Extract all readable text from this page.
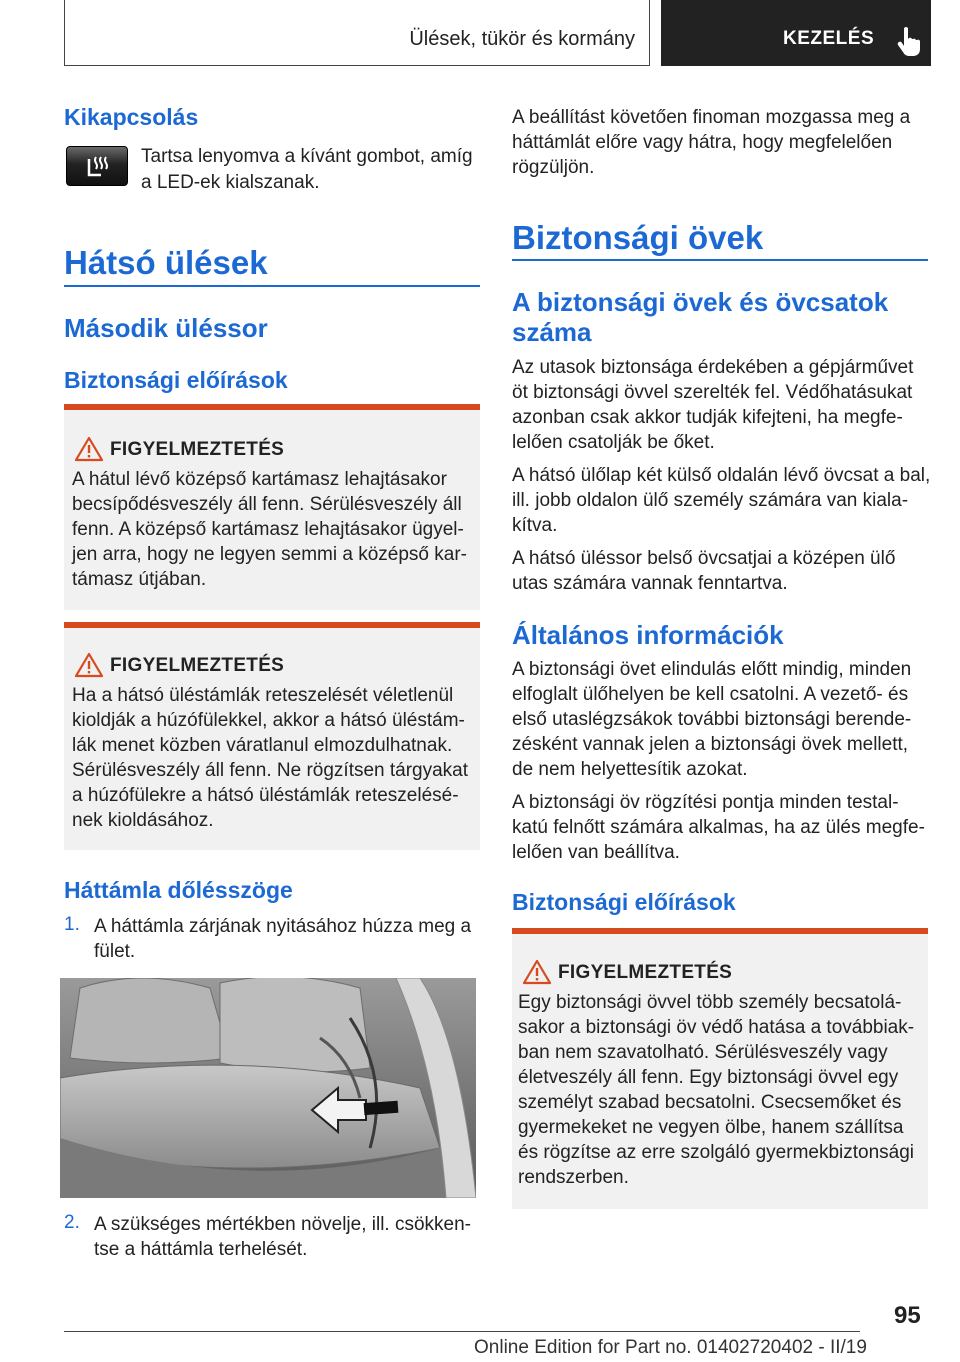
Ülések, tükör és kormány	KEZELÉS
Kikapcsolás
Tartsa lenyomva a kívánt gombot, amíg
a LED-ek kialszanak.
Hátsó ülések
Második üléssor
Biztonsági előírások
FIGYELMEZTETÉS
A hátul lévő középső kartámasz lehajtásakor
becsípődésveszély áll fenn. Sérülésveszély áll
fenn. A középső kartámasz lehajtásakor ügyel‐
jen arra, hogy ne legyen semmi a középső kar‐
támasz útjában.
FIGYELMEZTETÉS
Ha a hátsó üléstámlák reteszelését véletlenül
kioldják a húzófülekkel, akkor a hátsó üléstám‐
lák menet közben váratlanul elmozdulhatnak.
Sérülésveszély áll fenn. Ne rögzítsen tárgyakat
a húzófülekre a hátsó üléstámlák reteszelésé‐
nek kioldásához.
Háttámla dőlésszöge
1. A háttámla zárjának nyitásához húzza meg a
fület.
2. A szükséges mértékben növelje, ill. csökken‐
tse a háttámla terhelését.
A beállítást követően finoman mozgassa meg a
háttámlát előre vagy hátra, hogy megfelelően
rögzüljön.
Biztonsági övek
A biztonsági övek és övcsatok
száma
Az utasok biztonsága érdekében a gépjárművet
öt biztonsági övvel szerelték fel. Védőhatásukat
azonban csak akkor tudják kifejteni, ha megfe‐
lelően csatolják be őket.
A hátsó ülőlap két külső oldalán lévő övcsat a bal,
ill. jobb oldalon ülő személy számára van kiala‐
kítva.
A hátsó üléssor belső övcsatjai a középen ülő
utas számára vannak fenntartva.
Általános információk
A biztonsági övet elindulás előtt mindig, minden
elfoglalt ülőhelyen be kell csatolni. A vezető- és
első utaslégzsákok további biztonsági berende‐
zésként vannak jelen a biztonsági övek mellett,
de nem helyettesítik azokat.
A biztonsági öv rögzítési pontja minden testal‐
katú felnőtt számára alkalmas, ha az ülés megfe‐
lelően van beállítva.
Biztonsági előírások
FIGYELMEZTETÉS
Egy biztonsági övvel több személy becsatolá‐
sakor a biztonsági öv védő hatása a továbbiak‐
ban nem szavatolható. Sérülésveszély vagy
életveszély áll fenn. Egy biztonsági övvel egy
személyt szabad becsatolni. Csecsemőket és
gyermekeket ne vegyen ölbe, hanem szállítsa
és rögzítse az erre szolgáló gyermekbiztonsági
rendszerben.
95
Online Edition for Part no. 01402720402 - II/19
